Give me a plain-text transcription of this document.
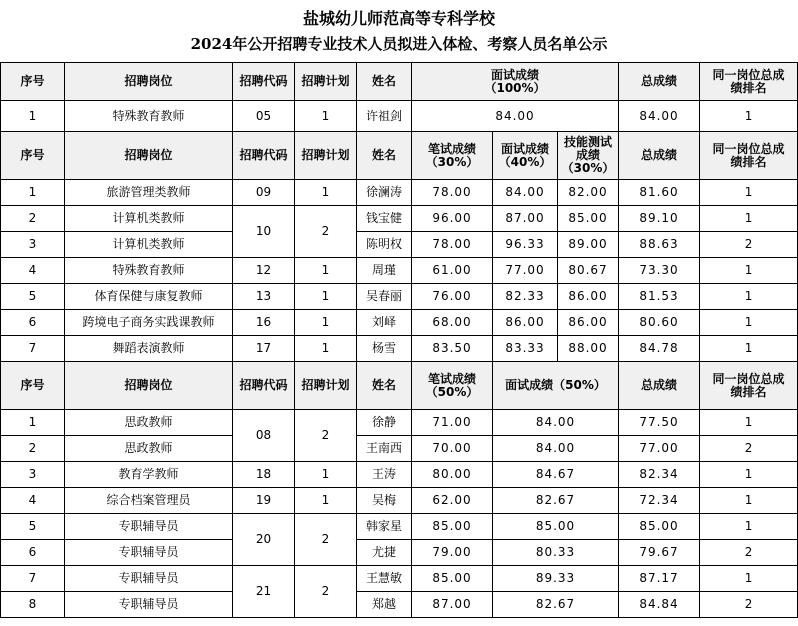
盐城幼儿师范高等专科学校
2024年公开招聘专业技术人员拟进入体检、考察人员名单公示
序号	招聘岗位	招聘代码	招聘计划	姓名	面试成绩（100%）			总成绩	同一岗位总成绩排名
1	特殊教育教师	05	1	许祖剑	84.00			84.00	1
序号	招聘岗位	招聘代码	招聘计划	姓名	笔试成绩（30%）	面试成绩（40%）	技能测试成绩（30%）	总成绩	同一岗位总成绩排名
1	旅游管理类教师	09	1	徐澜涛	78.00	84.00	82.00	81.60	1
2	计算机类教师	10	2	钱宝健	96.00	87.00	85.00	89.10	1
3	计算机类教师			陈明权	78.00	96.33	89.00	88.63	2
4	特殊教育教师	12	1	周瑾	61.00	77.00	80.67	73.30	1
5	体育保健与康复教师	13	1	吴春丽	76.00	82.33	86.00	81.53	1
6	跨境电子商务实践课教师	16	1	刘峄	68.00	86.00	86.00	80.60	1
7	舞蹈表演教师	17	1	杨雪	83.50	83.33	88.00	84.78	1
序号	招聘岗位	招聘代码	招聘计划	姓名	笔试成绩（50%）	面试成绩（50%）		总成绩	同一岗位总成绩排名
1	思政教师	08	2	徐静	71.00	84.00		77.50	1
2	思政教师			王南西	70.00	84.00		77.00	2
3	教育学教师	18	1	王涛	80.00	84.67		82.34	1
4	综合档案管理员	19	1	吴梅	62.00	82.67		72.34	1
5	专职辅导员	20	2	韩家星	85.00	85.00		85.00	1
6	专职辅导员			尤捷	79.00	80.33		79.67	2
7	专职辅导员	21	2	王慧敏	85.00	89.33		87.17	1
8	专职辅导员			郑越	87.00	82.67		84.84	2
